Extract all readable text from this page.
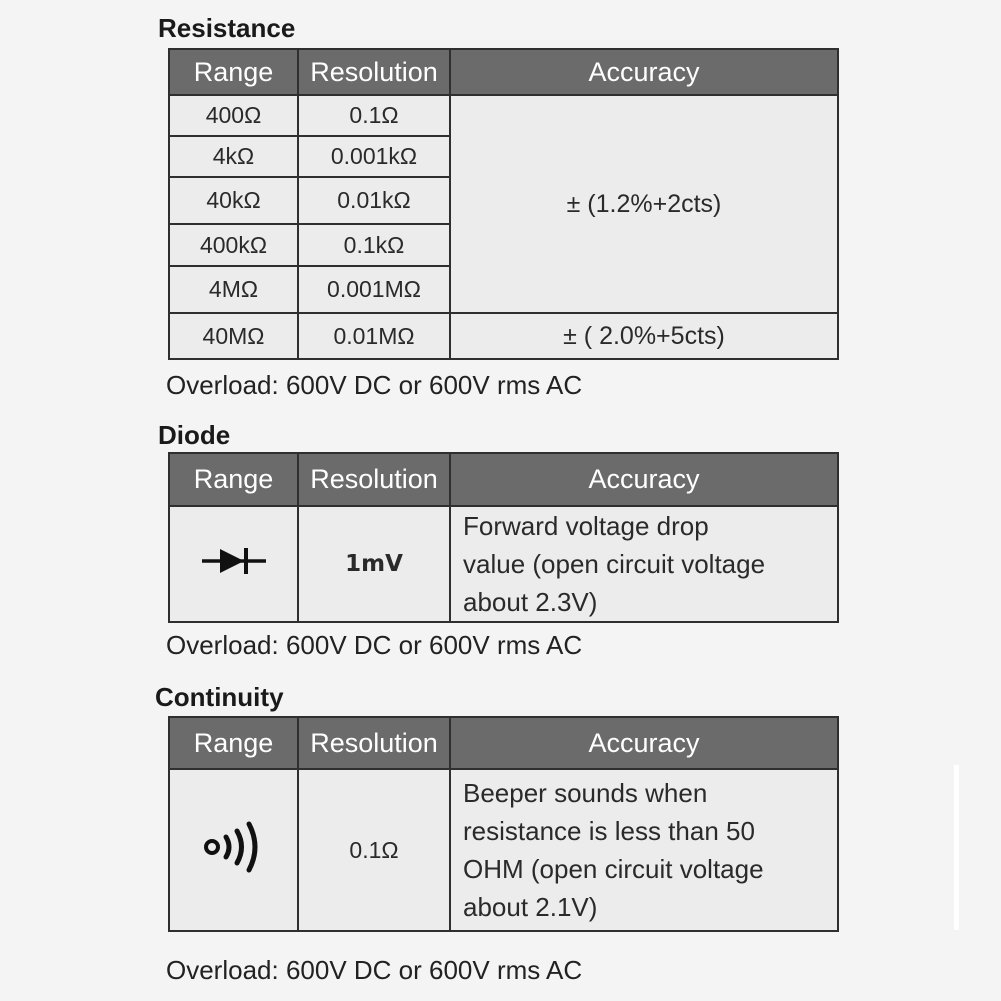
Resistance
Range	Resolution	Accuracy
400Ω	0.1Ω	± (1.2%+2cts)
4kΩ	0.001kΩ	
40kΩ	0.01kΩ	
400kΩ	0.1kΩ	
4MΩ	0.001MΩ	
40MΩ	0.01MΩ	± ( 2.0%+5cts)
Overload: 600V DC or 600V rms AC
Diode
Range	Resolution	Accuracy
	1mV	Forward voltage drop
value (open circuit voltage
about 2.3V)
Overload: 600V DC or 600V rms AC
Continuity
Range	Resolution	Accuracy
	0.1Ω	Beeper sounds when
resistance is less than 50
OHM (open circuit voltage
about 2.1V)
Overload: 600V DC or 600V rms AC
